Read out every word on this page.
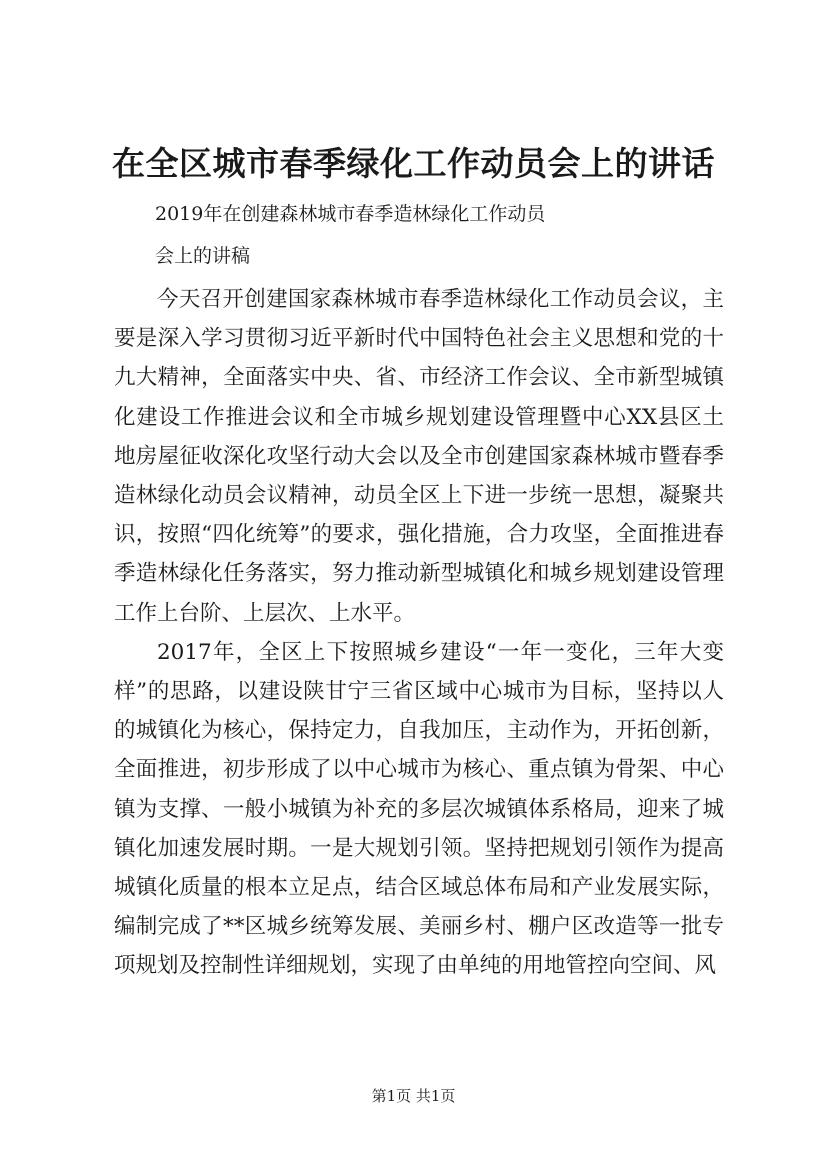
在全区城市春季绿化工作动员会上的讲话
2019年在创建森林城市春季造林绿化工作动员
会上的讲稿

今天召开创建国家森林城市春季造林绿化工作动员会议，主要是深入学习贯彻习近平新时代中国特色社会主义思想和党的十九大精神，全面落实中央、省、市经济工作会议、全市新型城镇化建设工作推进会议和全市城乡规划建设管理暨中心XX县区土地房屋征收深化攻坚行动大会以及全市创建国家森林城市暨春季造林绿化动员会议精神，动员全区上下进一步统一思想，凝聚共识，按照“四化统筹”的要求，强化措施，合力攻坚，全面推进春季造林绿化任务落实，努力推动新型城镇化和城乡规划建设管理工作上台阶、上层次、上水平。

2017年，全区上下按照城乡建设“一年一变化，三年大变样”的思路，以建设陕甘宁三省区域中心城市为目标，坚持以人的城镇化为核心，保持定力，自我加压，主动作为，开拓创新，全面推进，初步形成了以中心城市为核心、重点镇为骨架、中心镇为支撑、一般小城镇为补充的多层次城镇体系格局，迎来了城镇化加速发展时期。一是大规划引领。坚持把规划引领作为提高城镇化质量的根本立足点，结合区域总体布局和产业发展实际，编制完成了**区城乡统筹发展、美丽乡村、棚户区改造等一批专项规划及控制性详细规划，实现了由单纯的用地管控向空间、风

第1页 共1页
